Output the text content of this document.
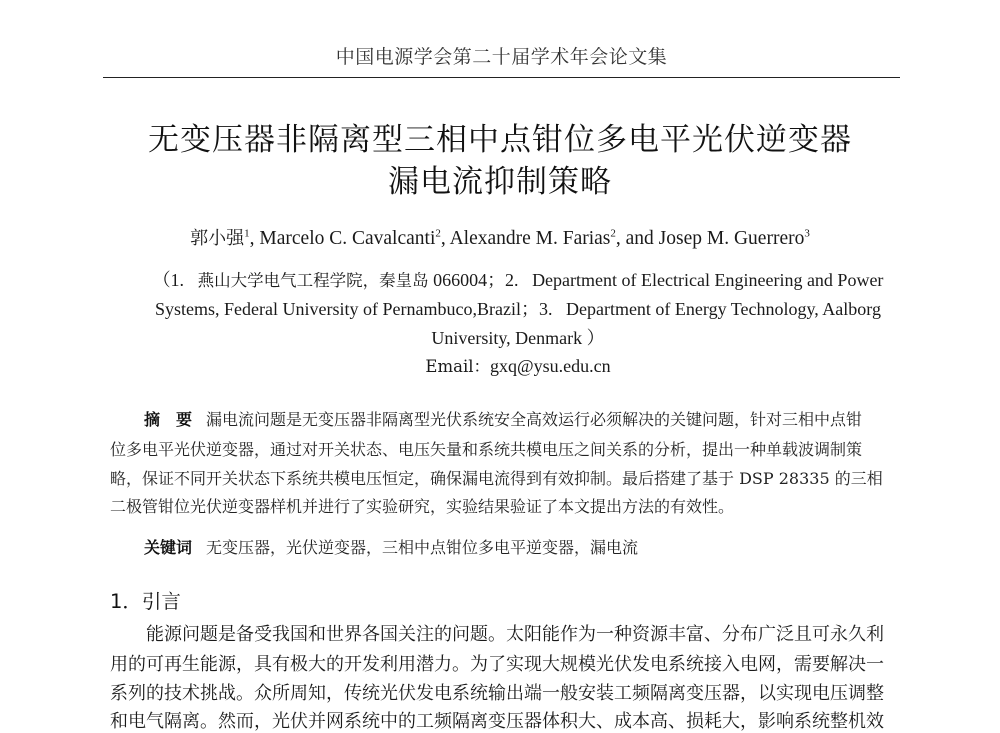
中国电源学会第二十届学术年会论文集
无变压器非隔离型三相中点钳位多电平光伏逆变器
漏电流抑制策略
郭小强$^1$, Marcelo C. Cavalcanti$^2$, Alexandre M. Farias$^2$, and Josep M. Guerrero$^3$
（1. 燕山大学电气工程学院，秦皇岛 066004；2. Department of Electrical Engineering and Power
Systems, Federal University of Pernambuco,Brazil；3. Department of Energy Technology, Aalborg
University, Denmark ）
Email：gxq@ysu.edu.cn
摘　要 漏电流问题是无变压器非隔离型光伏系统安全高效运行必须解决的关键问题，针对三相中点钳
位多电平光伏逆变器，通过对开关状态、电压矢量和系统共模电压之间关系的分析，提出一种单载波调制策
略，保证不同开关状态下系统共模电压恒定，确保漏电流得到有效抑制。最后搭建了基于 DSP 28335 的三相
二极管钳位光伏逆变器样机并进行了实验研究，实验结果验证了本文提出方法的有效性。
关键词 无变压器，光伏逆变器，三相中点钳位多电平逆变器，漏电流
1．引言
能源问题是备受我国和世界各国关注的问题。太阳能作为一种资源丰富、分布广泛且可永久利
用的可再生能源，具有极大的开发利用潜力。为了实现大规模光伏发电系统接入电网，需要解决一
系列的技术挑战。众所周知，传统光伏发电系统输出端一般安装工频隔离变压器，以实现电压调整
和电气隔离。然而，光伏并网系统中的工频隔离变压器体积大、成本高、损耗大，影响系统整机效
